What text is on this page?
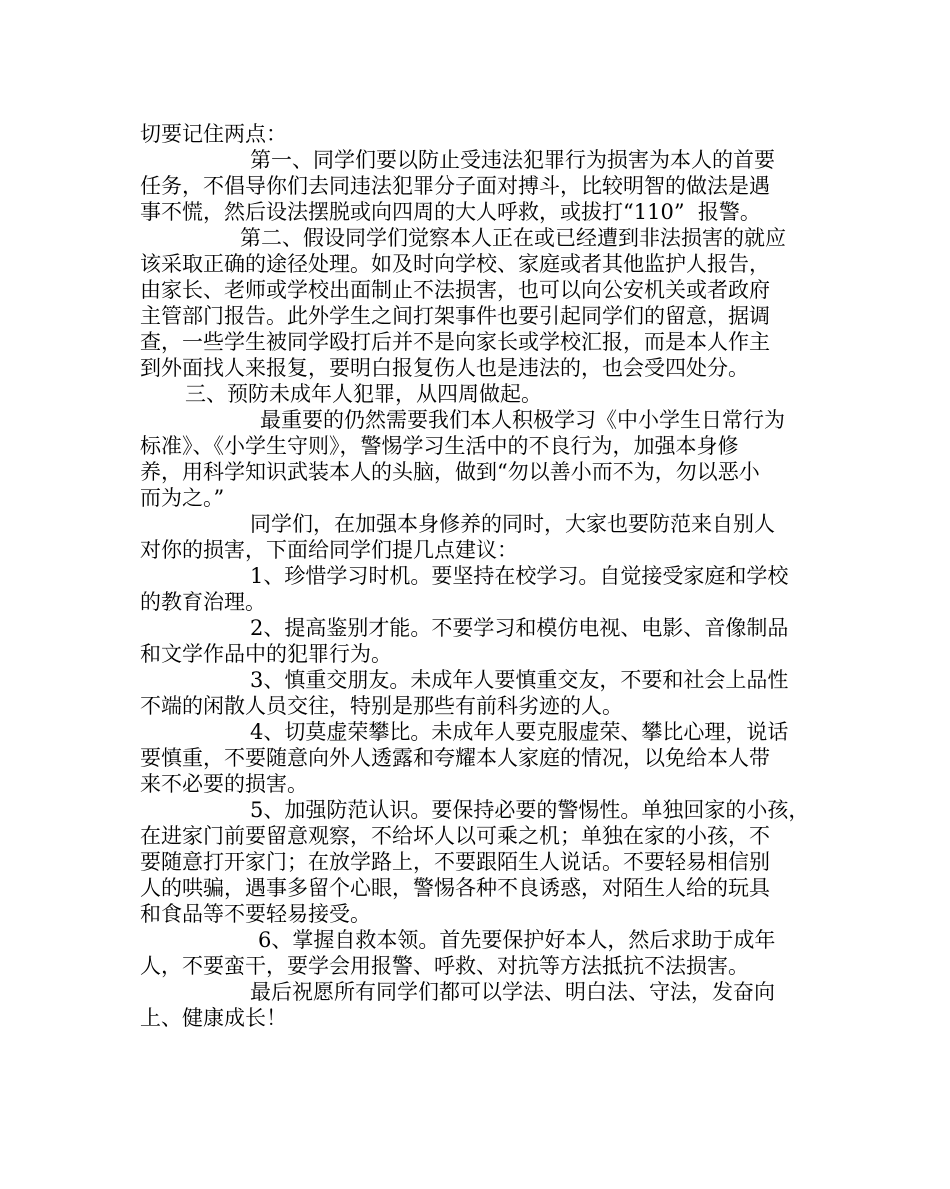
切要记住两点：
第一、同学们要以防止受违法犯罪行为损害为本人的首要
任务，不倡导你们去同违法犯罪分子面对搏斗，比较明智的做法是遇
事不慌，然后设法摆脱或向四周的大人呼救，或拔打“110”  报警。
第二、假设同学们觉察本人正在或已经遭到非法损害的就应
该采取正确的途径处理。如及时向学校、家庭或者其他监护人报告，
由家长、老师或学校出面制止不法损害，也可以向公安机关或者政府
主管部门报告。此外学生之间打架事件也要引起同学们的留意，据调
查，一些学生被同学殴打后并不是向家长或学校汇报，而是本人作主
到外面找人来报复，要明白报复伤人也是违法的，也会受四处分。
三、预防未成年人犯罪，从四周做起。
最重要的仍然需要我们本人积极学习《中小学生日常行为
标准》、《小学生守则》，警惕学习生活中的不良行为，加强本身修
养，用科学知识武装本人的头脑，做到“勿以善小而不为，勿以恶小
而为之。”
同学们，在加强本身修养的同时，大家也要防范来自别人
对你的损害，下面给同学们提几点建议：
1、珍惜学习时机。要坚持在校学习。自觉接受家庭和学校
的教育治理。
2、提高鉴别才能。不要学习和模仿电视、电影、音像制品
和文学作品中的犯罪行为。
3、慎重交朋友。未成年人要慎重交友，不要和社会上品性
不端的闲散人员交往，特别是那些有前科劣迹的人。
4、切莫虚荣攀比。未成年人要克服虚荣、攀比心理，说话
要慎重，不要随意向外人透露和夸耀本人家庭的情况，以免给本人带
来不必要的损害。
5、加强防范认识。要保持必要的警惕性。单独回家的小孩，
在进家门前要留意观察，不给坏人以可乘之机；单独在家的小孩，不
要随意打开家门；在放学路上，不要跟陌生人说话。不要轻易相信别
人的哄骗，遇事多留个心眼，警惕各种不良诱惑，对陌生人给的玩具
和食品等不要轻易接受。
6、掌握自救本领。首先要保护好本人，然后求助于成年
人，不要蛮干，要学会用报警、呼救、对抗等方法抵抗不法损害。
最后祝愿所有同学们都可以学法、明白法、守法，发奋向
上、健康成长！
